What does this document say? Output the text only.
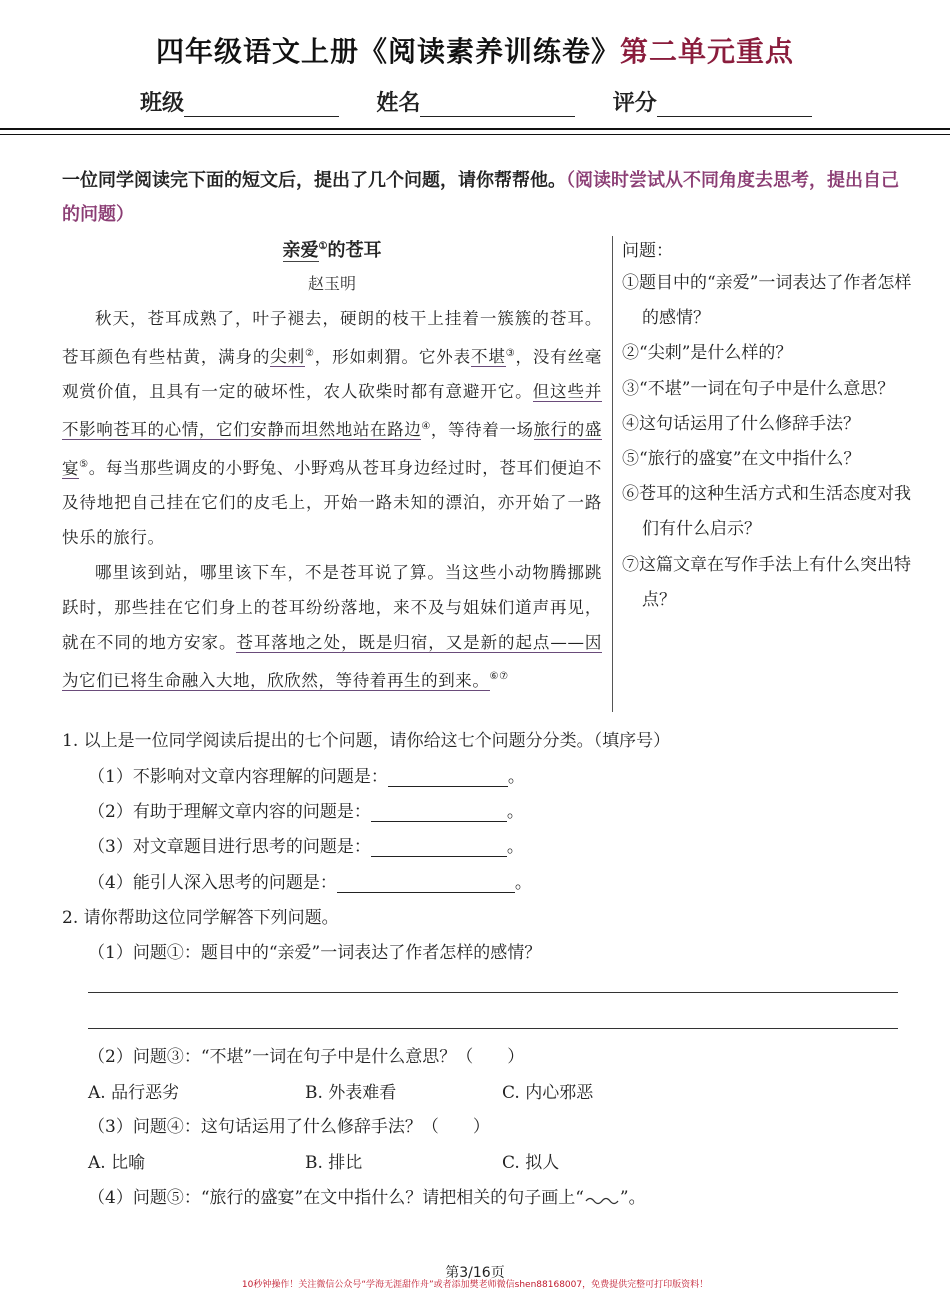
四年级语文上册《阅读素养训练卷》第二单元重点
班级	姓名	评分
一位同学阅读完下面的短文后，提出了几个问题，请你帮帮他。（阅读时尝试从不同角度去思考，提出自己的问题）
亲爱①的苍耳
赵玉明

秋天，苍耳成熟了，叶子褪去，硬朗的枝干上挂着一簇簇的苍耳。苍耳颜色有些枯黄，满身的尖刺②，形如刺猬。它外表不堪③，没有丝毫观赏价值，且具有一定的破坏性，农人砍柴时都有意避开它。但这些并不影响苍耳的心情，它们安静而坦然地站在路边④，等待着一场旅行的盛宴⑤。每当那些调皮的小野兔、小野鸡从苍耳身边经过时，苍耳们便迫不及待地把自己挂在它们的皮毛上，开始一路未知的漂泊，亦开始了一路快乐的旅行。

哪里该到站，哪里该下车，不是苍耳说了算。当这些小动物腾挪跳跃时，那些挂在它们身上的苍耳纷纷落地，来不及与姐妹们道声再见，就在不同的地方安家。苍耳落地之处，既是归宿，又是新的起点——因为它们已将生命融入大地，欣欣然，等待着再生的到来。⑥⑦

问题：
①题目中的“亲爱”一词表达了作者怎样的感情？
②“尖刺”是什么样的？
③“不堪”一词在句子中是什么意思？
④这句话运用了什么修辞手法？
⑤“旅行的盛宴”在文中指什么？
⑥苍耳的这种生活方式和生活态度对我们有什么启示？
⑦这篇文章在写作手法上有什么突出特点？
1. 以上是一位同学阅读后提出的七个问题，请你给这七个问题分分类。（填序号）
（1）不影响对文章内容理解的问题是：	。
（2）有助于理解文章内容的问题是：	。
（3）对文章题目进行思考的问题是：	。
（4）能引人深入思考的问题是：	。
2. 请你帮助这位同学解答下列问题。
（1）问题①：题目中的“亲爱”一词表达了作者怎样的感情？
（2）问题③：“不堪”一词在句子中是什么意思？（　　）
A. 品行恶劣	B. 外表难看	C. 内心邪恶
（3）问题④：这句话运用了什么修辞手法？（　　）
A. 比喻	B. 排比	C. 拟人
（4）问题⑤：“旅行的盛宴”在文中指什么？请把相关的句子画上“ ”。
第3/16页
10秒钟操作！关注微信公众号“学海无涯甜作舟”或者添加樊老师微信shen88168007，免费提供完整可打印版资料！
